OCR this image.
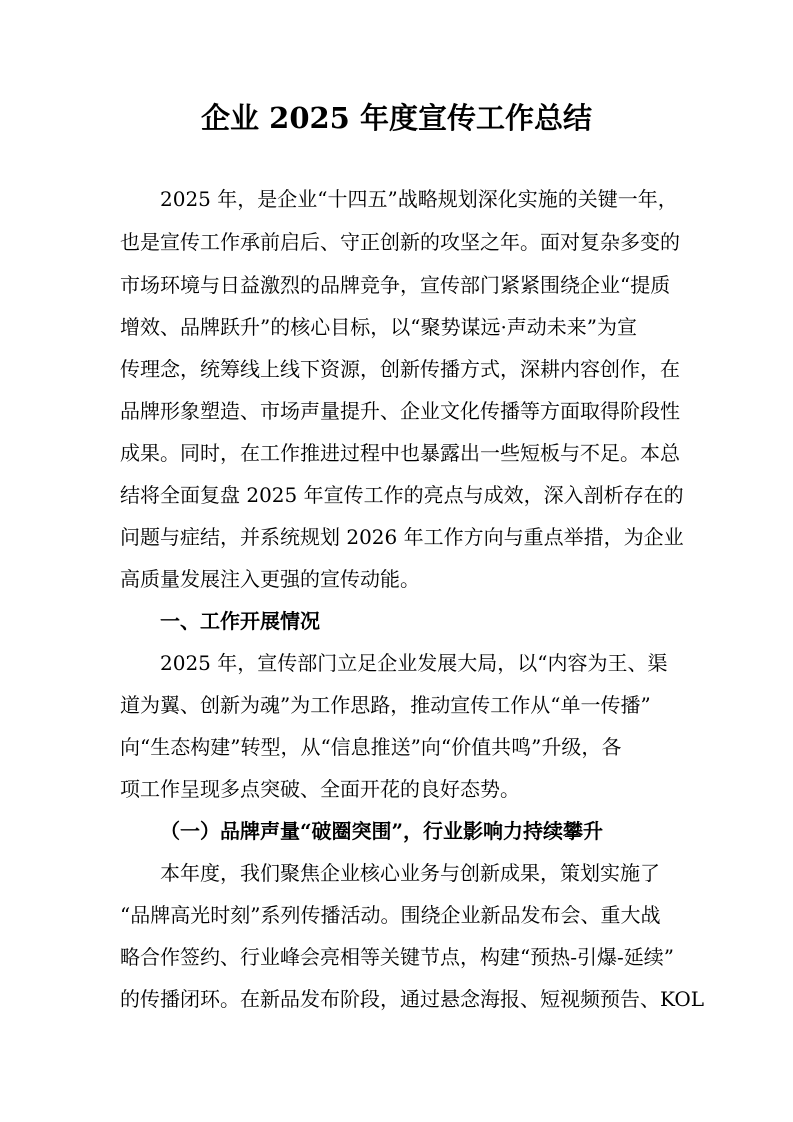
企业 2025 年度宣传工作总结
2025 年，是企业“十四五”战略规划深化实施的关键一年，
也是宣传工作承前启后、守正创新的攻坚之年。面对复杂多变的
市场环境与日益激烈的品牌竞争，宣传部门紧紧围绕企业“提质
增效、品牌跃升”的核心目标，以“聚势谋远·声动未来”为宣
传理念，统筹线上线下资源，创新传播方式，深耕内容创作，在
品牌形象塑造、市场声量提升、企业文化传播等方面取得阶段性
成果。同时，在工作推进过程中也暴露出一些短板与不足。本总
结将全面复盘 2025 年宣传工作的亮点与成效，深入剖析存在的
问题与症结，并系统规划 2026 年工作方向与重点举措，为企业
高质量发展注入更强的宣传动能。
一、工作开展情况
2025 年，宣传部门立足企业发展大局，以“内容为王、渠
道为翼、创新为魂”为工作思路，推动宣传工作从“单一传播”
向“生态构建”转型，从“信息推送”向“价值共鸣”升级，各
项工作呈现多点突破、全面开花的良好态势。
（一）品牌声量“破圈突围”，行业影响力持续攀升
本年度，我们聚焦企业核心业务与创新成果，策划实施了
“品牌高光时刻”系列传播活动。围绕企业新品发布会、重大战
略合作签约、行业峰会亮相等关键节点，构建“预热-引爆-延续”
的传播闭环。在新品发布阶段，通过悬念海报、短视频预告、KOL
